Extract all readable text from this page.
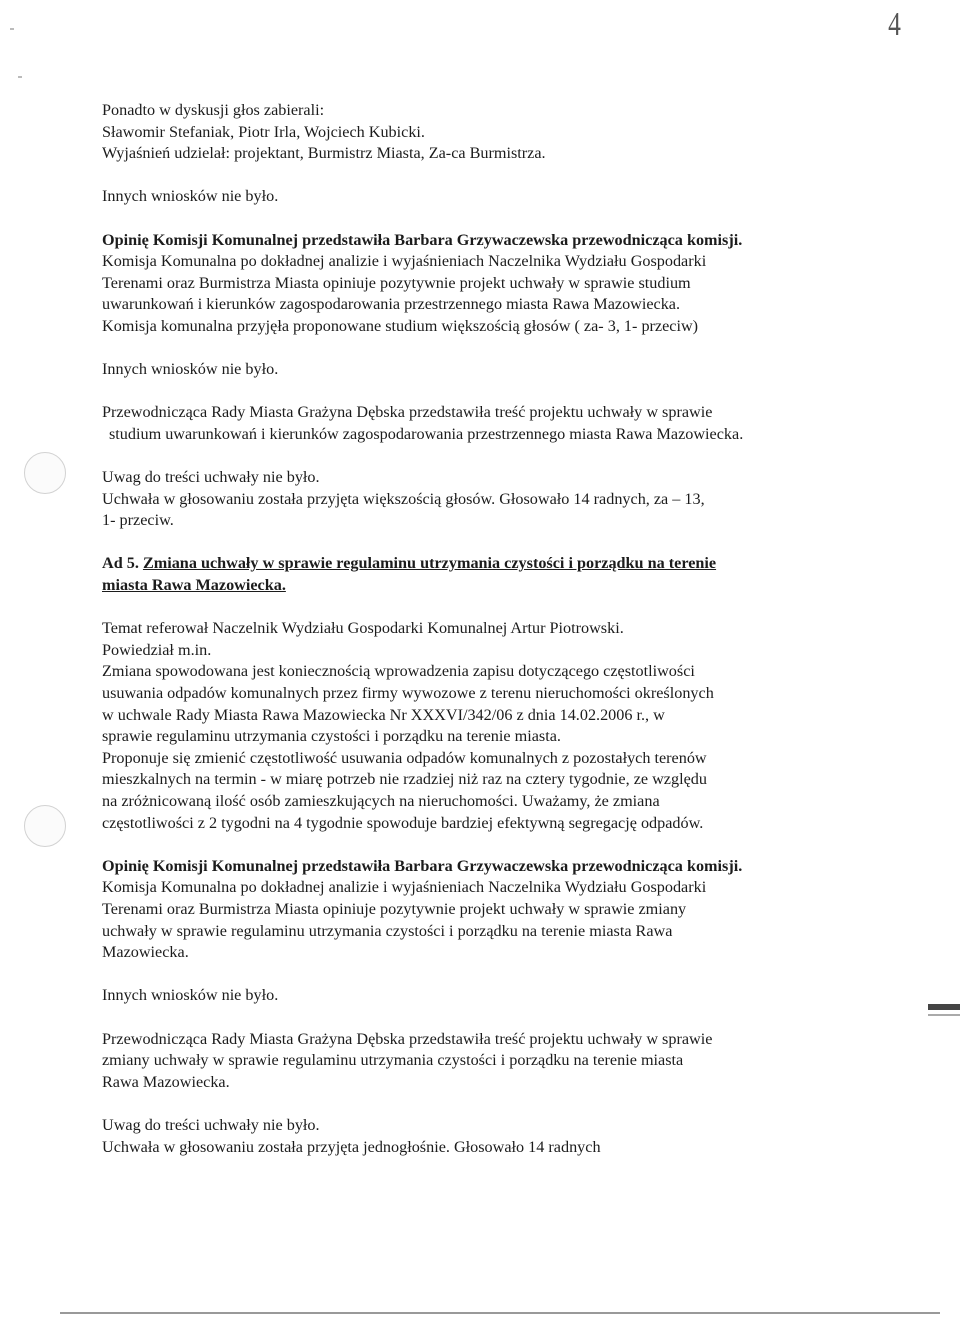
4

Ponadto w dyskusji głos zabierali:

Sławomir Stefaniak, Piotr Irla, Wojciech Kubicki.

Wyjaśnień udzielał: projektant, Burmistrz Miasta, Za-ca Burmistrza.

Innych wniosków nie było.

Opinię Komisji Komunalnej przedstawiła Barbara Grzywaczewska przewodnicząca komisji.

Komisja Komunalna po dokładnej analizie i wyjaśnieniach Naczelnika Wydziału Gospodarki

Terenami oraz Burmistrza Miasta opiniuje pozytywnie projekt uchwały w sprawie studium

uwarunkowań i kierunków zagospodarowania przestrzennego miasta Rawa Mazowiecka.

Komisja komunalna przyjęła proponowane studium większością głosów ( za- 3, 1- przeciw)

Innych wniosków nie było.

Przewodnicząca Rady Miasta Grażyna Dębska przedstawiła treść projektu uchwały w sprawie

studium uwarunkowań i kierunków zagospodarowania przestrzennego miasta Rawa Mazowiecka.

Uwag do treści uchwały nie było.

Uchwała w głosowaniu została przyjęta większością głosów. Głosowało 14 radnych, za – 13,

1- przeciw.

Ad 5. Zmiana uchwały w sprawie regulaminu utrzymania czystości i porządku na terenie

miasta Rawa Mazowiecka.

Temat referował Naczelnik Wydziału Gospodarki Komunalnej Artur Piotrowski.

Powiedział m.in.

Zmiana spowodowana jest koniecznością wprowadzenia zapisu dotyczącego częstotliwości

usuwania odpadów komunalnych przez firmy wywozowe z terenu nieruchomości określonych

w uchwale Rady Miasta Rawa Mazowiecka Nr XXXVI/342/06 z dnia 14.02.2006 r., w

sprawie regulaminu utrzymania czystości i porządku na terenie miasta.

Proponuje się zmienić częstotliwość usuwania odpadów komunalnych z pozostałych terenów

mieszkalnych na termin - w miarę potrzeb nie rzadziej niż raz na cztery tygodnie, ze względu

na zróżnicowaną ilość osób zamieszkujących na nieruchomości. Uważamy, że zmiana

częstotliwości z 2 tygodni na 4 tygodnie spowoduje bardziej efektywną segregację odpadów.

Opinię Komisji Komunalnej przedstawiła Barbara Grzywaczewska przewodnicząca komisji.

Komisja Komunalna po dokładnej analizie i wyjaśnieniach Naczelnika Wydziału Gospodarki

Terenami oraz Burmistrza Miasta opiniuje pozytywnie projekt uchwały w sprawie zmiany

uchwały w sprawie regulaminu utrzymania czystości i porządku na terenie miasta Rawa

Mazowiecka.

Innych wniosków nie było.

Przewodnicząca Rady Miasta Grażyna Dębska przedstawiła treść projektu uchwały w sprawie

zmiany uchwały w sprawie regulaminu utrzymania czystości i porządku na terenie miasta

Rawa Mazowiecka.

Uwag do treści uchwały nie było.

Uchwała w głosowaniu została przyjęta jednogłośnie. Głosowało 14 radnych
